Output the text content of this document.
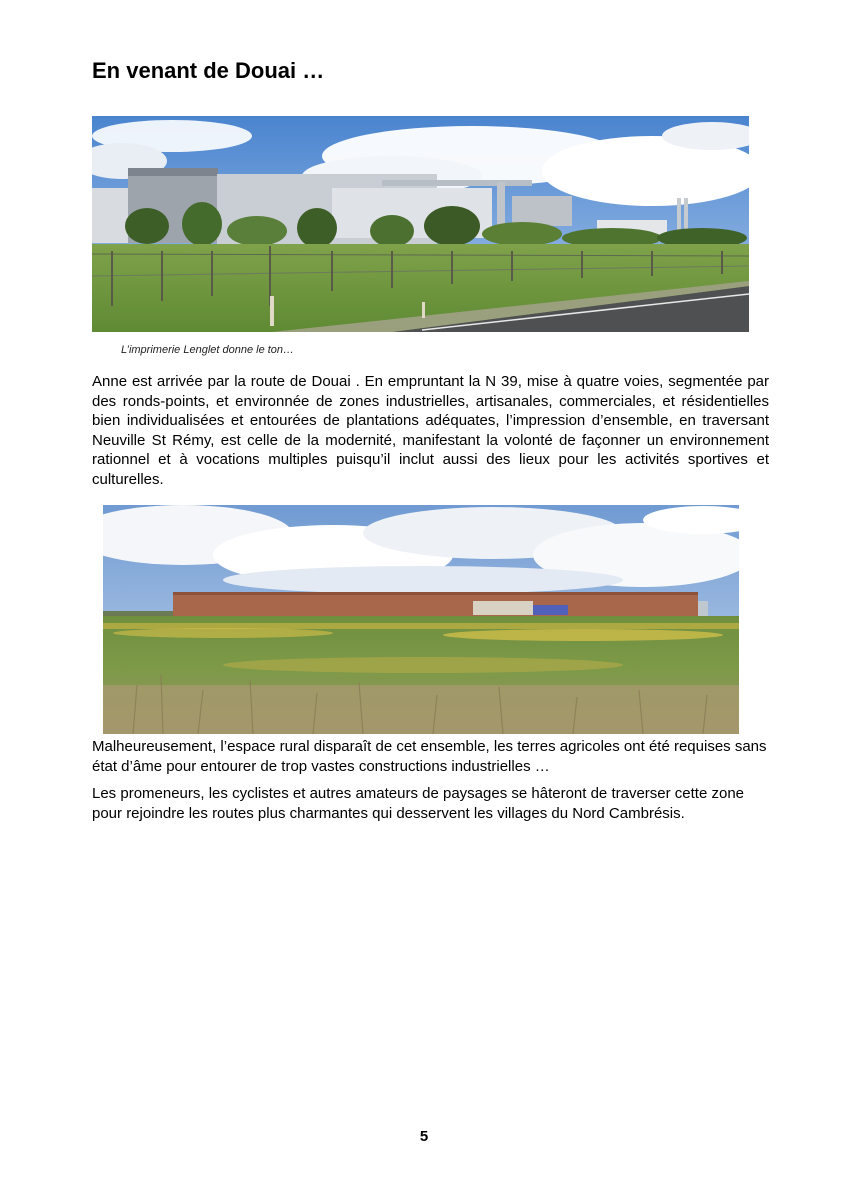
En venant de Douai …
L’imprimerie Lenglet donne le ton…

Anne est arrivée par la route de Douai . En empruntant la N 39, mise à quatre voies, segmentée par des ronds-points, et environnée de zones industrielles, artisanales, commerciales, et résidentielles bien individualisées et entourées de plantations adéquates, l’impression d’ensemble, en traversant Neuville St Rémy, est celle de la modernité, manifestant la volonté de façonner un environnement rationnel et à vocations multiples puisqu’il inclut aussi des lieux pour les activités sportives et culturelles.

Malheureusement, l’espace rural disparaît de cet ensemble, les terres agricoles ont été requises sans état d’âme pour entourer de trop vastes constructions industrielles …

Les promeneurs, les cyclistes et autres amateurs de paysages se hâteront de traverser cette zone pour rejoindre les routes plus charmantes qui desservent les villages du Nord Cambrésis.

5
